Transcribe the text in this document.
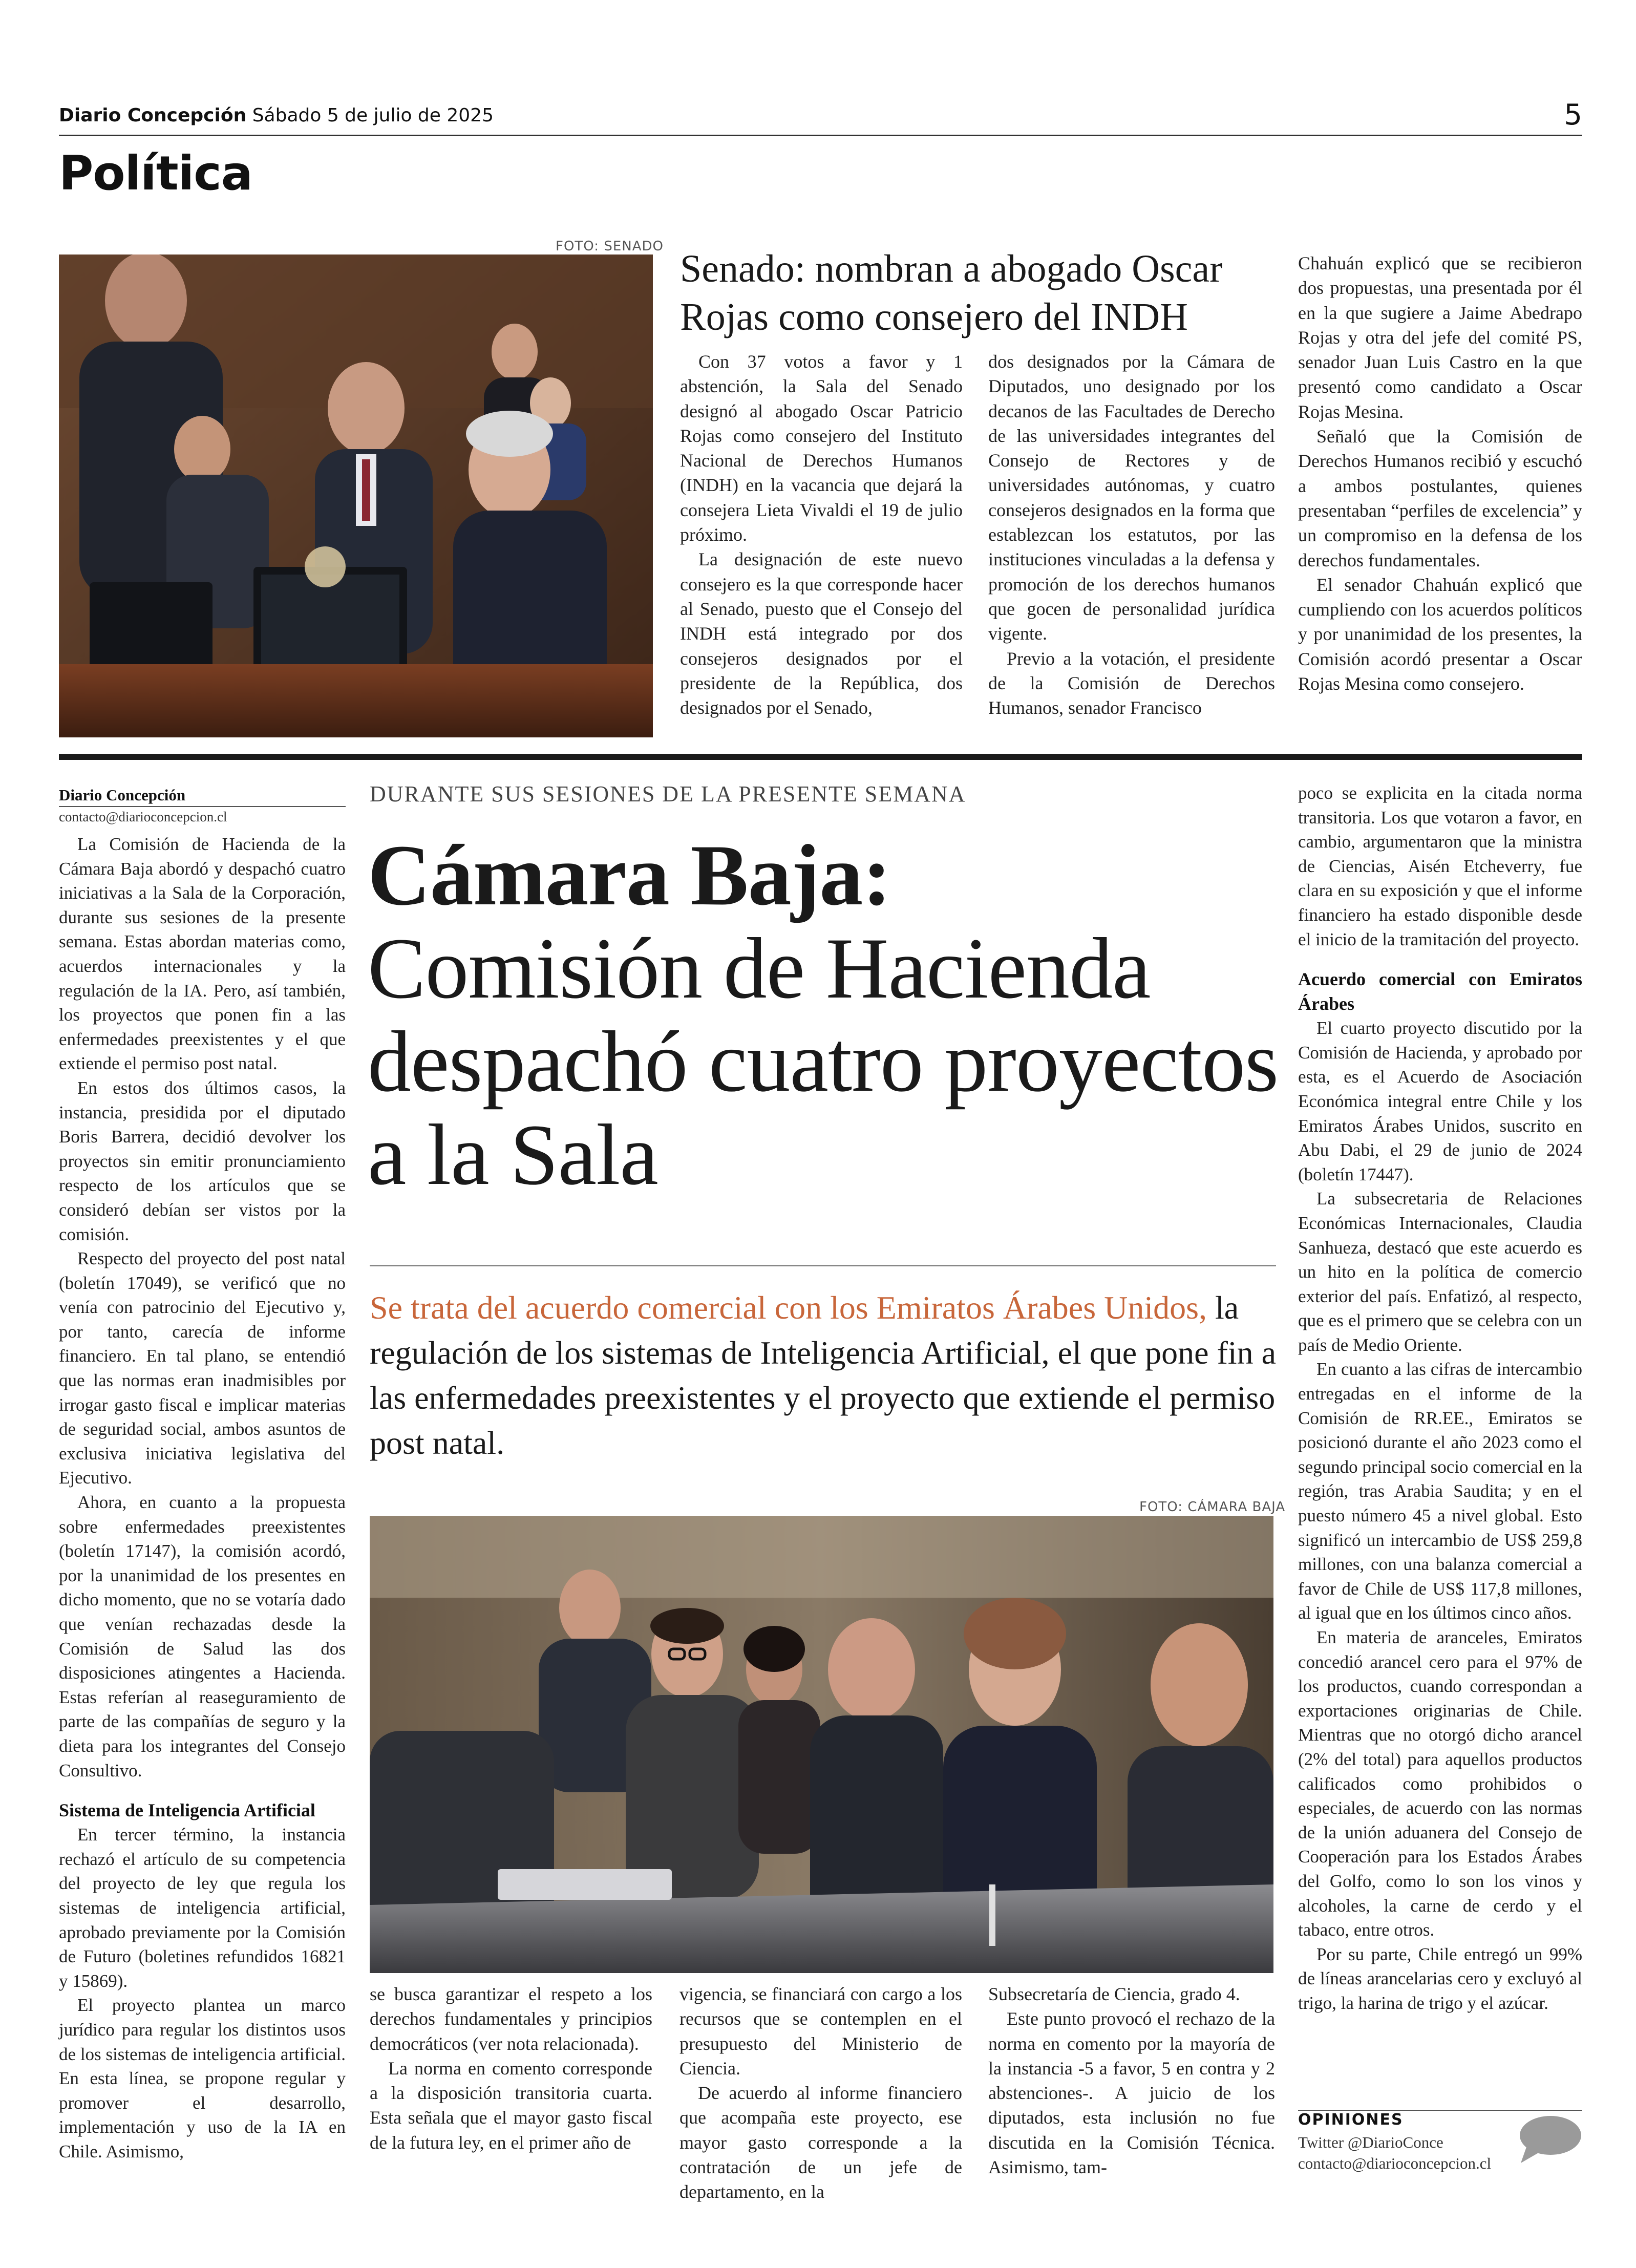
Diario Concepción Sábado 5 de julio de 2025	5
Política
FOTO: SENADO
Senado: nombran a abogado Oscar Rojas como consejero del INDH

Con 37 votos a favor y 1 abstención, la Sala del Senado designó al abogado Oscar Patricio Rojas como consejero del Instituto Nacional de Derechos Humanos (INDH) en la vacancia que dejará la consejera Lieta Vivaldi el 19 de julio próximo.

La designación de este nuevo consejero es la que corresponde hacer al Senado, puesto que el Consejo del INDH está integrado por dos consejeros designados por el presidente de la República, dos designados por el Senado,

dos designados por la Cámara de Diputados, uno designado por los decanos de las Facultades de Derecho de las universidades integrantes del Consejo de Rectores y de universidades autónomas, y cuatro consejeros designados en la forma que establezcan los estatutos, por las instituciones vinculadas a la defensa y promoción de los derechos humanos que gocen de personalidad jurídica vigente.

Previo a la votación, el presidente de la Comisión de Derechos Humanos, senador Francisco

Chahuán explicó que se recibieron dos propuestas, una presentada por él en la que sugiere a Jaime Abedrapo Rojas y otra del jefe del comité PS, senador Juan Luis Castro en la que presentó como candidato a Oscar Rojas Mesina.

Señaló que la Comisión de Derechos Humanos recibió y escuchó a ambos postulantes, quienes presentaban “perfiles de excelencia” y un compromiso en la defensa de los derechos fundamentales.

El senador Chahuán explicó que cumpliendo con los acuerdos políticos y por unanimidad de los presentes, la Comisión acordó presentar a Oscar Rojas Mesina como consejero.

Diario Concepción
contacto@diarioconcepcion.cl
DURANTE SUS SESIONES DE LA PRESENTE SEMANA
Cámara Baja:
Comisión de Hacienda despachó cuatro proyectos a la Sala
Se trata del acuerdo comercial con los Emiratos Árabes Unidos, la regulación de los sistemas de Inteligencia Artificial, el que pone fin a las enfermedades preexistentes y el proyecto que extiende el permiso post natal.

La Comisión de Hacienda de la Cámara Baja abordó y despachó cuatro iniciativas a la Sala de la Corporación, durante sus sesiones de la presente semana. Estas abordan materias como, acuerdos internacionales y la regulación de la IA. Pero, así también, los proyectos que ponen fin a las enfermedades preexistentes y el que extiende el permiso post natal.

En estos dos últimos casos, la instancia, presidida por el diputado Boris Barrera, decidió devolver los proyectos sin emitir pronunciamiento respecto de los artículos que se consideró debían ser vistos por la comisión.

Respecto del proyecto del post natal (boletín 17049), se verificó que no venía con patrocinio del Ejecutivo y, por tanto, carecía de informe financiero. En tal plano, se entendió que las normas eran inadmisibles por irrogar gasto fiscal e implicar materias de seguridad social, ambos asuntos de exclusiva iniciativa legislativa del Ejecutivo.

Ahora, en cuanto a la propuesta sobre enfermedades preexistentes (boletín 17147), la comisión acordó, por la unanimidad de los presentes en dicho momento, que no se votaría dado que venían rechazadas desde la Comisión de Salud las dos disposiciones atingentes a Hacienda. Estas referían al reaseguramiento de parte de las compañías de seguro y la dieta para los integrantes del Consejo Consultivo.

Sistema de Inteligencia Artificial

En tercer término, la instancia rechazó el artículo de su competencia del proyecto de ley que regula los sistemas de inteligencia artificial, aprobado previamente por la Comisión de Futuro (boletines refundidos 16821 y 15869).

El proyecto plantea un marco jurídico para regular los distintos usos de los sistemas de inteligencia artificial. En esta línea, se propone regular y promover el desarrollo, implementación y uso de la IA en Chile. Asimismo,

FOTO: CÁMARA BAJA

se busca garantizar el respeto a los derechos fundamentales y principios democráticos (ver nota relacionada).

La norma en comento corresponde a la disposición transitoria cuarta. Esta señala que el mayor gasto fiscal de la futura ley, en el primer año de

vigencia, se financiará con cargo a los recursos que se contemplen en el presupuesto del Ministerio de Ciencia.

De acuerdo al informe financiero que acompaña este proyecto, ese mayor gasto corresponde a la contratación de un jefe de departamento, en la

Subsecretaría de Ciencia, grado 4.

Este punto provocó el rechazo de la norma en comento por la mayoría de la instancia -5 a favor, 5 en contra y 2 abstenciones-. A juicio de los diputados, esta inclusión no fue discutida en la Comisión Técnica. Asimismo, tam-

poco se explicita en la citada norma transitoria. Los que votaron a favor, en cambio, argumentaron que la ministra de Ciencias, Aisén Etcheverry, fue clara en su exposición y que el informe financiero ha estado disponible desde el inicio de la tramitación del proyecto.

Acuerdo comercial con Emiratos Árabes

El cuarto proyecto discutido por la Comisión de Hacienda, y aprobado por esta, es el Acuerdo de Asociación Económica integral entre Chile y los Emiratos Árabes Unidos, suscrito en Abu Dabi, el 29 de junio de 2024 (boletín 17447).

La subsecretaria de Relaciones Económicas Internacionales, Claudia Sanhueza, destacó que este acuerdo es un hito en la política de comercio exterior del país. Enfatizó, al respecto, que es el primero que se celebra con un país de Medio Oriente.

En cuanto a las cifras de intercambio entregadas en el informe de la Comisión de RR.EE., Emiratos se posicionó durante el año 2023 como el segundo principal socio comercial en la región, tras Arabia Saudita; y en el puesto número 45 a nivel global. Esto significó un intercambio de US$ 259,8 millones, con una balanza comercial a favor de Chile de US$ 117,8 millones, al igual que en los últimos cinco años.

En materia de aranceles, Emiratos concedió arancel cero para el 97% de los productos, cuando correspondan a exportaciones originarias de Chile. Mientras que no otorgó dicho arancel (2% del total) para aquellos productos calificados como prohibidos o especiales, de acuerdo con las normas de la unión aduanera del Consejo de Cooperación para los Estados Árabes del Golfo, como lo son los vinos y alcoholes, la carne de cerdo y el tabaco, entre otros.

Por su parte, Chile entregó un 99% de líneas arancelarias cero y excluyó al trigo, la harina de trigo y el azúcar.

OPINIONES
Twitter @DiarioConce
contacto@diarioconcepcion.cl
